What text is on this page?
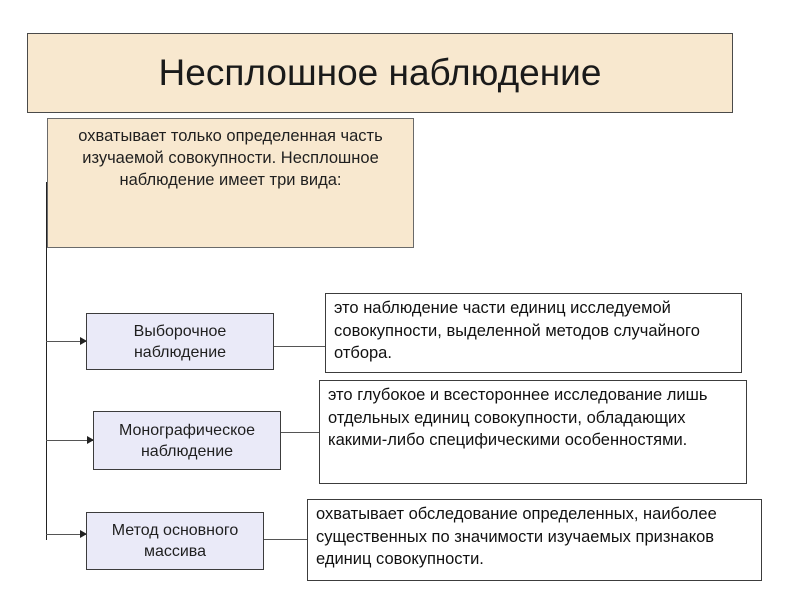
Несплошное наблюдение
охватывает только определенная часть изучаемой совокупности. Несплошное наблюдение имеет три вида:
Выборочное наблюдение
это наблюдение части единиц исследуемой совокупности, выделенной методов случайного отбора.
Монографическое наблюдение
это глубокое и всестороннее исследование лишь отдельных единиц совокупности, обладающих какими-либо специфическими особенностями.
Метод основного массива
охватывает обследование определенных, наиболее существенных по значимости изучаемых признаков единиц совокупности.
